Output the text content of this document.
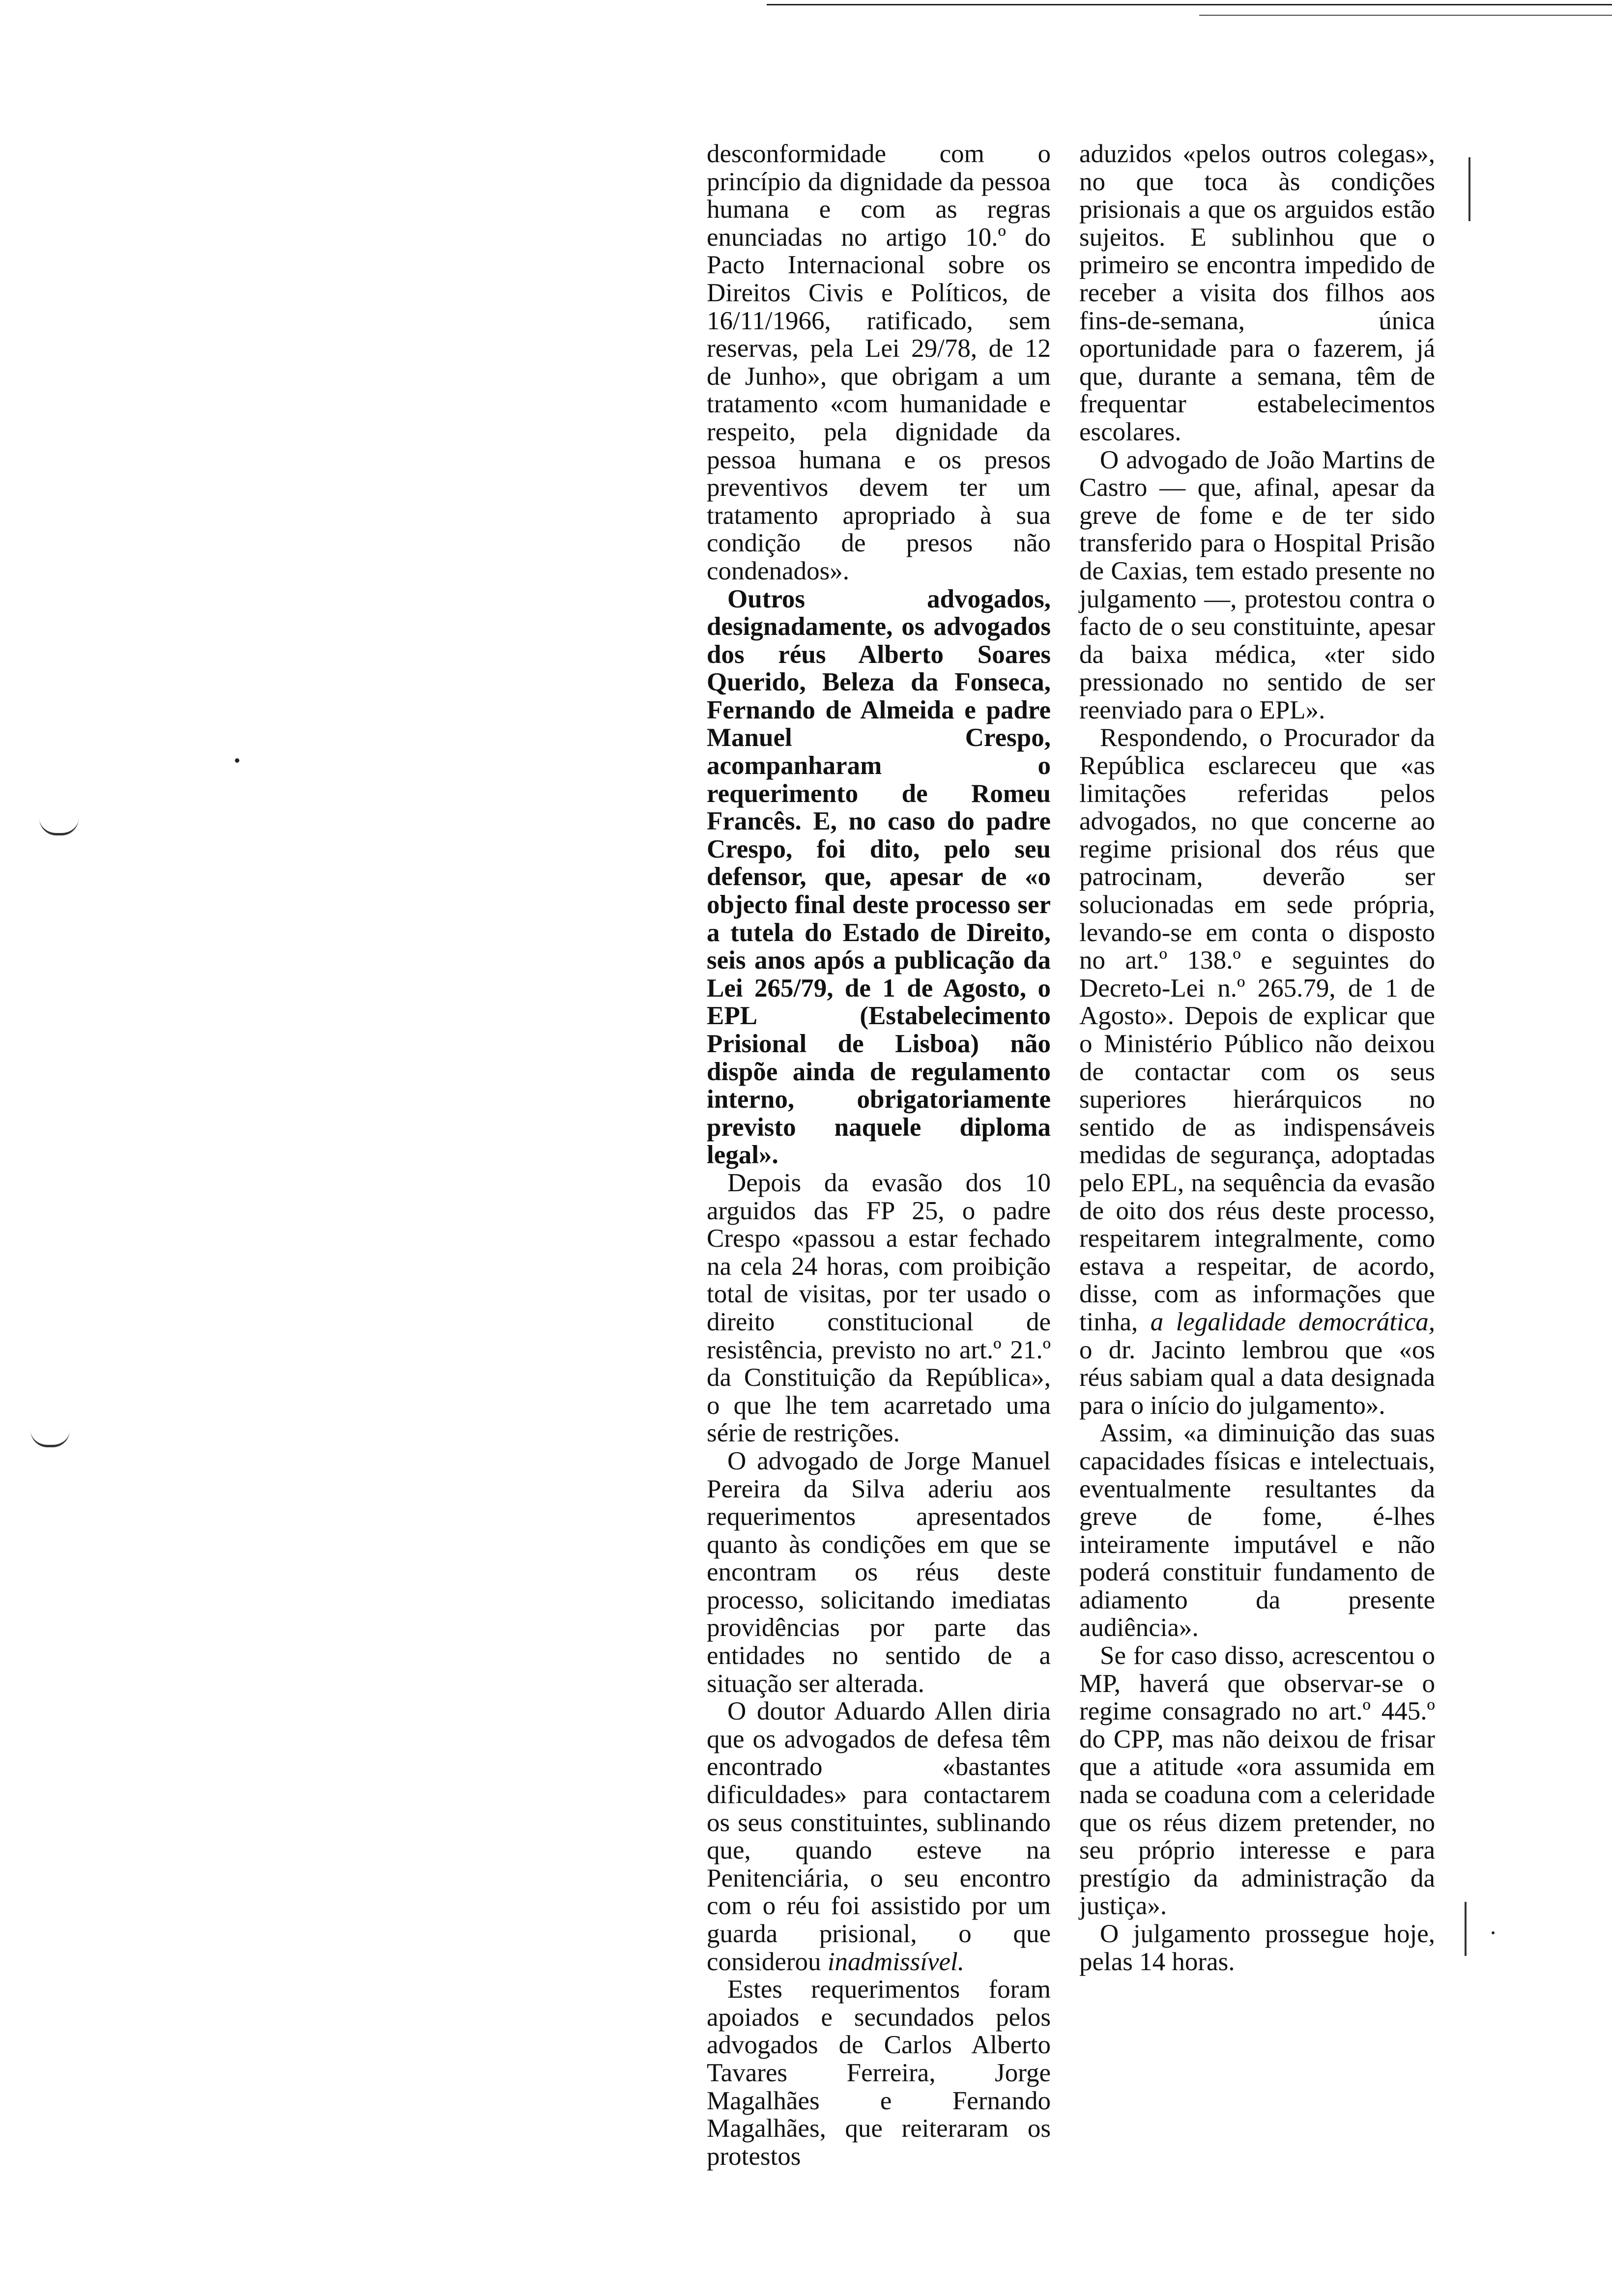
desconformidade com o princípio da dignidade da pessoa humana e com as regras enunciadas no artigo 10.º do Pacto Internacional sobre os Direitos Civis e Políticos, de 16/11/1966, ratificado, sem reservas, pela Lei 29/78, de 12 de Junho», que obrigam a um tratamento «com humanidade e respeito, pela dignidade da pessoa humana e os presos preventivos devem ter um tratamento apropriado à sua condição de presos não condenados».

Outros advogados, designadamente, os advogados dos réus Alberto Soares Querido, Beleza da Fonseca, Fernando de Almeida e padre Manuel Crespo, acompanharam o requerimento de Romeu Francês. E, no caso do padre Crespo, foi dito, pelo seu defensor, que, apesar de «o objecto final deste processo ser a tutela do Estado de Direito, seis anos após a publicação da Lei 265/79, de 1 de Agosto, o EPL (Estabelecimento Prisional de Lisboa) não dispõe ainda de regulamento interno, obrigatoriamente previsto naquele diploma legal».

Depois da evasão dos 10 arguidos das FP 25, o padre Crespo «passou a estar fechado na cela 24 horas, com proibição total de visitas, por ter usado o direito constitucional de resistência, previsto no art.º 21.º da Constituição da República», o que lhe tem acarretado uma série de restrições.

O advogado de Jorge Manuel Pereira da Silva aderiu aos requerimentos apresentados quanto às condições em que se encontram os réus deste processo, solicitando imediatas providências por parte das entidades no sentido de a situação ser alterada.

O doutor Aduardo Allen diria que os advogados de defesa têm encontrado «bastantes dificuldades» para contactarem os seus constituintes, sublinando que, quando esteve na Penitenciária, o seu encontro com o réu foi assistido por um guarda prisional, o que considerou inadmissível.

Estes requerimentos foram apoiados e secundados pelos advogados de Carlos Alberto Tavares Ferreira, Jorge Magalhães e Fernando Magalhães, que reiteraram os protestos

aduzidos «pelos outros colegas», no que toca às condições prisionais a que os arguidos estão sujeitos. E sublinhou que o primeiro se encontra impedido de receber a visita dos filhos aos fins-de-semana, única oportunidade para o fazerem, já que, durante a semana, têm de frequentar estabelecimentos escolares.

O advogado de João Martins de Castro — que, afinal, apesar da greve de fome e de ter sido transferido para o Hospital Prisão de Caxias, tem estado presente no julgamento —, protestou contra o facto de o seu constituinte, apesar da baixa médica, «ter sido pressionado no sentido de ser reenviado para o EPL».

Respondendo, o Procurador da República esclareceu que «as limitações referidas pelos advogados, no que concerne ao regime prisional dos réus que patrocinam, deverão ser solucionadas em sede própria, levando-se em conta o disposto no art.º 138.º e seguintes do Decreto-Lei n.º 265.79, de 1 de Agosto». Depois de explicar que o Ministério Público não deixou de contactar com os seus superiores hierárquicos no sentido de as indispensáveis medidas de segurança, adoptadas pelo EPL, na sequência da evasão de oito dos réus deste processo, respeitarem integralmente, como estava a respeitar, de acordo, disse, com as informações que tinha, a legalidade democrática, o dr. Jacinto lembrou que «os réus sabiam qual a data designada para o início do julgamento».

Assim, «a diminuição das suas capacidades físicas e intelectuais, eventualmente resultantes da greve de fome, é-lhes inteiramente imputável e não poderá constituir fundamento de adiamento da presente audiência».

Se for caso disso, acrescentou o MP, haverá que observar-se o regime consagrado no art.º 445.º do CPP, mas não deixou de frisar que a atitude «ora assumida em nada se coaduna com a celeridade que os réus dizem pretender, no seu próprio interesse e para prestígio da administração da justiça».

O julgamento prossegue hoje, pelas 14 horas.
